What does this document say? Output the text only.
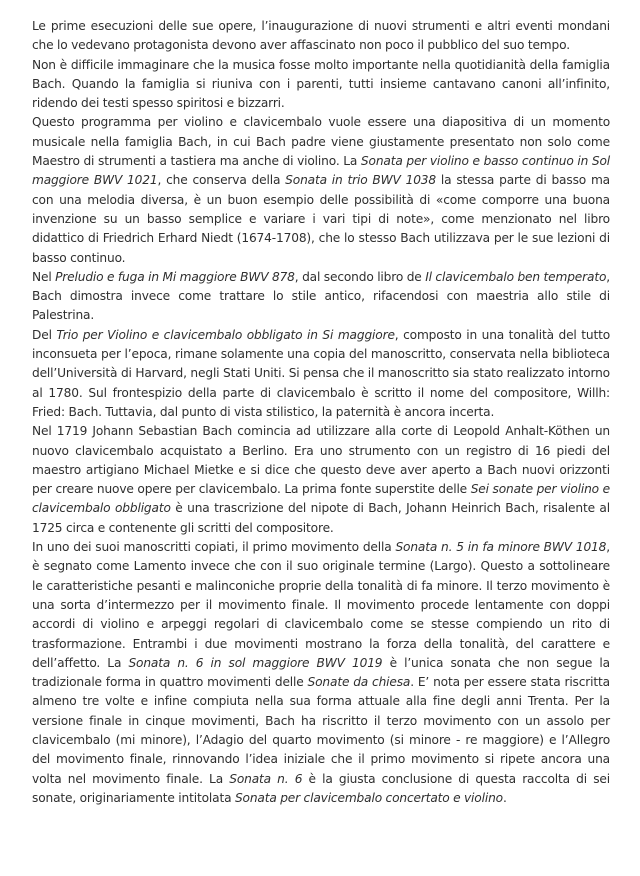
Le prime esecuzioni delle sue opere, l’inaugurazione di nuovi strumenti e altri eventi mondani che lo vedevano protagonista devono aver affascinato non poco il pubblico del suo tempo.

Non è difficile immaginare che la musica fosse molto importante nella quotidianità della famiglia Bach. Quando la famiglia si riuniva con i parenti, tutti insieme cantavano canoni all’infinito, ridendo dei testi spesso spiritosi e bizzarri.

Questo programma per violino e clavicembalo vuole essere una diapositiva di un momento musicale nella famiglia Bach, in cui Bach padre viene giustamente presentato non solo come Maestro di strumenti a tastiera ma anche di violino. La Sonata per violino e basso continuo in Sol maggiore BWV 1021, che conserva della Sonata in trio BWV 1038 la stessa parte di basso ma con una melodia diversa, è un buon esempio delle possibilità di «come comporre una buona invenzione su un basso semplice e variare i vari tipi di note», come menzionato nel libro didattico di Friedrich Erhard Niedt (1674-1708), che lo stesso Bach utilizzava per le sue lezioni di basso continuo.

Nel Preludio e fuga in Mi maggiore BWV 878, dal secondo libro de Il clavicembalo ben temperato, Bach dimostra invece come trattare lo stile antico, rifacendosi con maestria allo stile di Palestrina.

Del Trio per Violino e clavicembalo obbligato in Si maggiore, composto in una tonalità del tutto inconsueta per l’epoca, rimane solamente una copia del manoscritto, conservata nella biblioteca dell’Università di Harvard, negli Stati Uniti. Si pensa che il manoscritto sia stato realizzato intorno al 1780. Sul frontespizio della parte di clavicembalo è scritto il nome del compositore, Willh: Fried: Bach. Tuttavia, dal punto di vista stilistico, la paternità è ancora incerta.

Nel 1719 Johann Sebastian Bach comincia ad utilizzare alla corte di Leopold Anhalt-Köthen un nuovo clavicembalo acquistato a Berlino. Era uno strumento con un registro di 16 piedi del maestro artigiano Michael Mietke e si dice che questo deve aver aperto a Bach nuovi orizzonti per creare nuove opere per clavicembalo. La prima fonte superstite delle Sei sonate per violino e clavicembalo obbligato è una trascrizione del nipote di Bach, Johann Heinrich Bach, risalente al 1725 circa e contenente gli scritti del compositore.

In uno dei suoi manoscritti copiati, il primo movimento della Sonata n. 5 in fa minore BWV 1018, è segnato come Lamento invece che con il suo originale termine (Largo). Questo a sottolineare le caratteristiche pesanti e malinconiche proprie della tonalità di fa minore. Il terzo movimento è una sorta d’intermezzo per il movimento finale. Il movimento procede lentamente con doppi accordi di violino e arpeggi regolari di clavicembalo come se stesse compiendo un rito di trasformazione. Entrambi i due movimenti mostrano la forza della tonalità, del carattere e dell’affetto. La Sonata n. 6 in sol maggiore BWV 1019 è l’unica sonata che non segue la tradizionale forma in quattro movimenti delle Sonate da chiesa. E’ nota per essere stata riscritta almeno tre volte e infine compiuta nella sua forma attuale alla fine degli anni Trenta. Per la versione finale in cinque movimenti, Bach ha riscritto il terzo movimento con un assolo per clavicembalo (mi minore), l’Adagio del quarto movimento (si minore - re maggiore) e l’Allegro del movimento finale, rinnovando l’idea iniziale che il primo movimento si ripete ancora una volta nel movimento finale. La Sonata n. 6 è la giusta conclusione di questa raccolta di sei sonate, originariamente intitolata Sonata per clavicembalo concertato e violino.
